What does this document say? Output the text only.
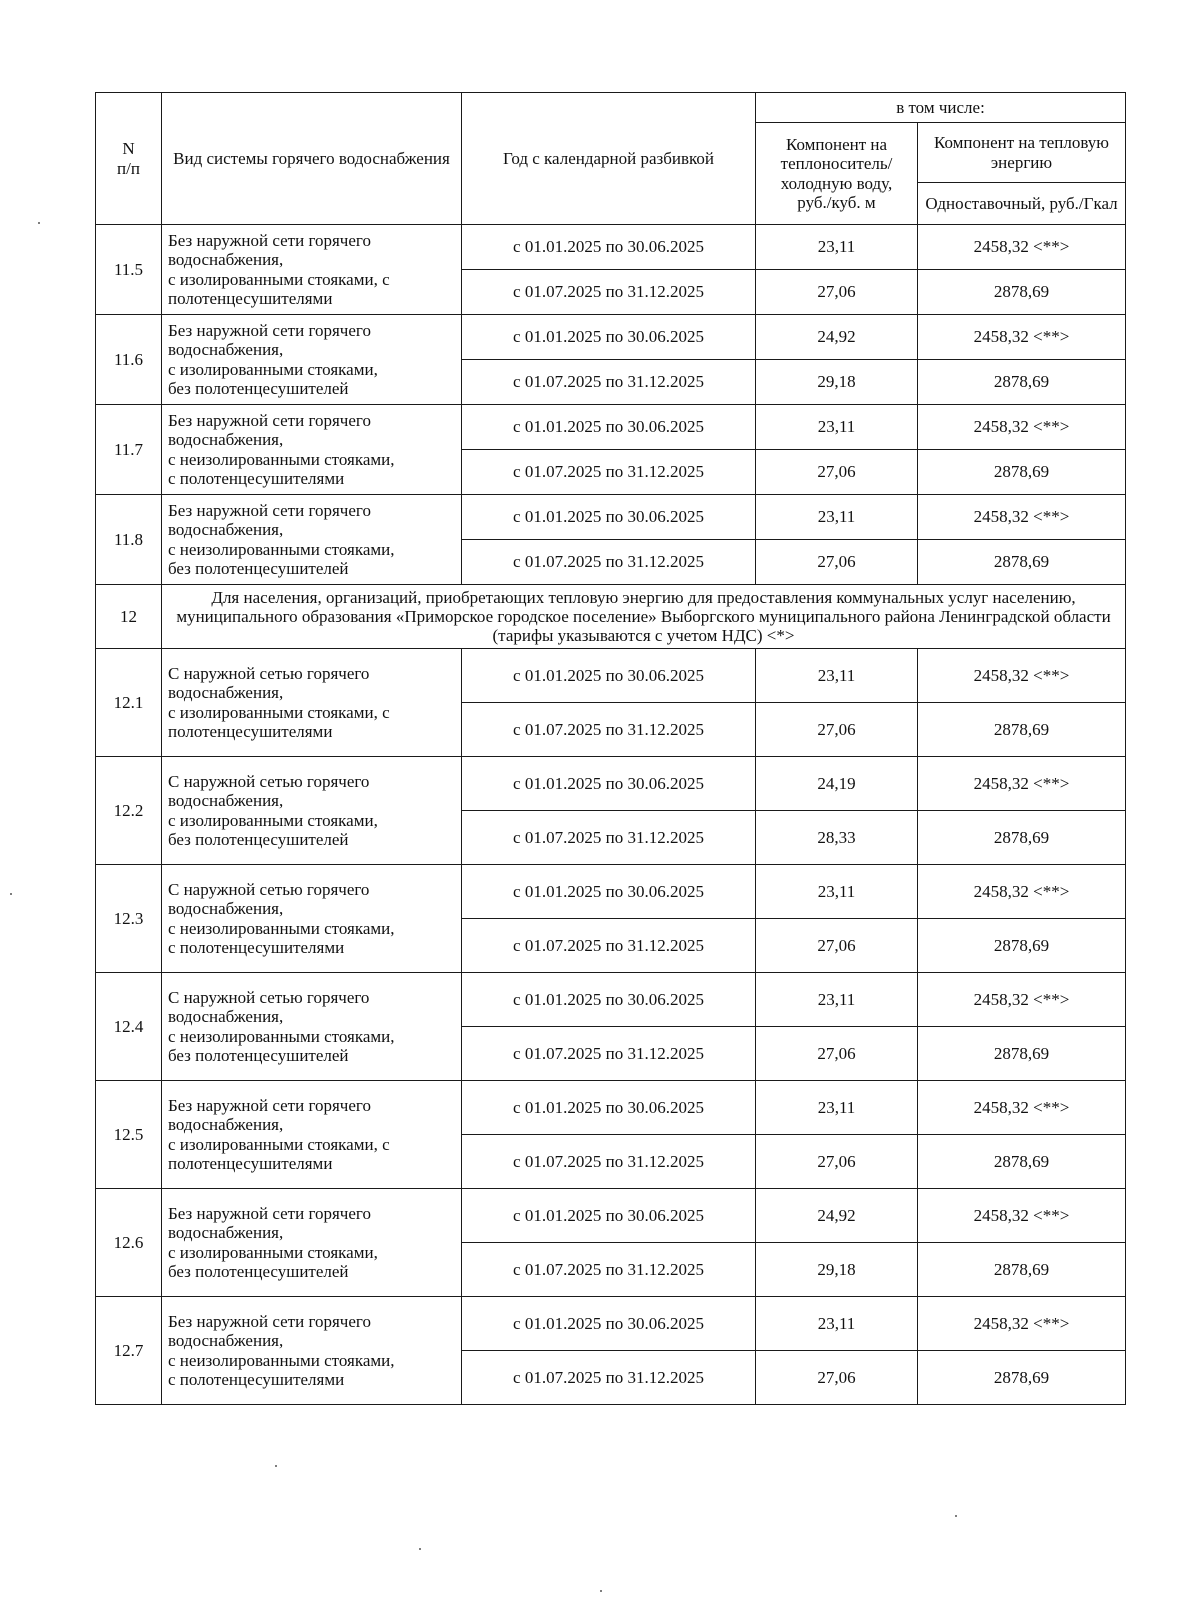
N
п/п	Вид системы горячего водоснабжения	Год с календарной разбивкой	в том числе:	
			Компонент на теплоноситель/ холодную воду, руб./куб. м	Компонент на тепловую энергию
				Одноставочный, руб./Гкал
11.5	Без наружной сети горячего
водоснабжения,
с изолированными стояками, с
полотенцесушителями	с 01.01.2025 по 30.06.2025	23,11	2458,32 <**>
		с 01.07.2025 по 31.12.2025	27,06	2878,69
11.6	Без наружной сети горячего
водоснабжения,
с изолированными стояками,
без полотенцесушителей	с 01.01.2025 по 30.06.2025	24,92	2458,32 <**>
		с 01.07.2025 по 31.12.2025	29,18	2878,69
11.7	Без наружной сети горячего
водоснабжения,
с неизолированными стояками,
с полотенцесушителями	с 01.01.2025 по 30.06.2025	23,11	2458,32 <**>
		с 01.07.2025 по 31.12.2025	27,06	2878,69
11.8	Без наружной сети горячего
водоснабжения,
с неизолированными стояками,
без полотенцесушителей	с 01.01.2025 по 30.06.2025	23,11	2458,32 <**>
		с 01.07.2025 по 31.12.2025	27,06	2878,69
12	Для населения, организаций, приобретающих тепловую энергию для предоставления коммунальных услуг населению, муниципального образования «Приморское городское поселение» Выборгского муниципального района Ленинградской области (тарифы указываются с учетом НДС) <*>			
12.1	С наружной сетью горячего
водоснабжения,
с изолированными стояками, с
полотенцесушителями	с 01.01.2025 по 30.06.2025	23,11	2458,32 <**>
		с 01.07.2025 по 31.12.2025	27,06	2878,69
12.2	С наружной сетью горячего
водоснабжения,
с изолированными стояками,
без полотенцесушителей	с 01.01.2025 по 30.06.2025	24,19	2458,32 <**>
		с 01.07.2025 по 31.12.2025	28,33	2878,69
12.3	С наружной сетью горячего
водоснабжения,
с неизолированными стояками,
с полотенцесушителями	с 01.01.2025 по 30.06.2025	23,11	2458,32 <**>
		с 01.07.2025 по 31.12.2025	27,06	2878,69
12.4	С наружной сетью горячего
водоснабжения,
с неизолированными стояками,
без полотенцесушителей	с 01.01.2025 по 30.06.2025	23,11	2458,32 <**>
		с 01.07.2025 по 31.12.2025	27,06	2878,69
12.5	Без наружной сети горячего
водоснабжения,
с изолированными стояками, с
полотенцесушителями	с 01.01.2025 по 30.06.2025	23,11	2458,32 <**>
		с 01.07.2025 по 31.12.2025	27,06	2878,69
12.6	Без наружной сети горячего
водоснабжения,
с изолированными стояками,
без полотенцесушителей	с 01.01.2025 по 30.06.2025	24,92	2458,32 <**>
		с 01.07.2025 по 31.12.2025	29,18	2878,69
12.7	Без наружной сети горячего
водоснабжения,
с неизолированными стояками,
с полотенцесушителями	с 01.01.2025 по 30.06.2025	23,11	2458,32 <**>
		с 01.07.2025 по 31.12.2025	27,06	2878,69
